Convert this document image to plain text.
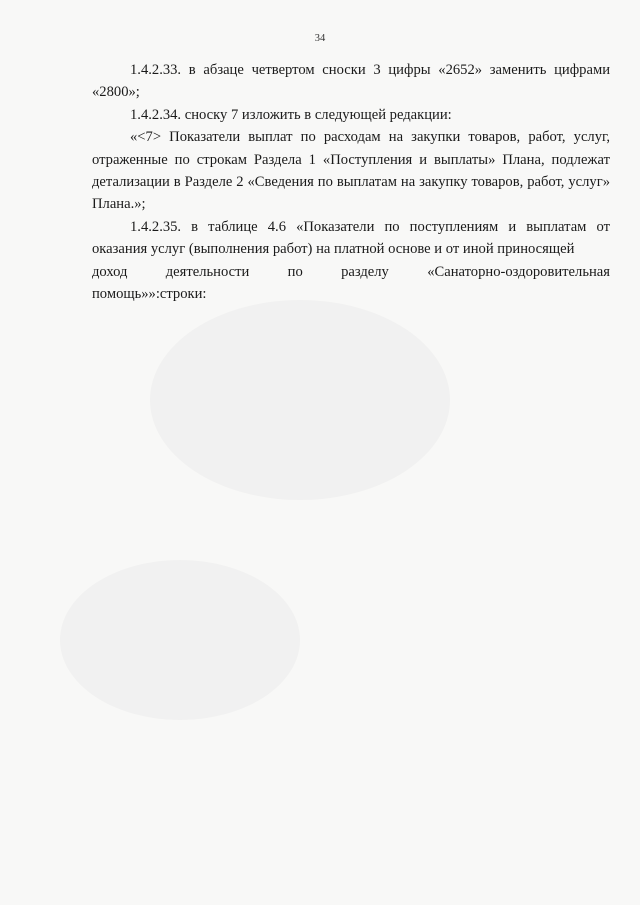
34

1.4.2.33. в абзаце четвертом сноски 3 цифры «2652» заменить цифрами «2800»;

1.4.2.34. сноску 7 изложить в следующей редакции:

«<7> Показатели выплат по расходам на закупки товаров, работ, услуг, отраженные по строкам Раздела 1 «Поступления и выплаты» Плана, подлежат детализации в Разделе 2 «Сведения по выплатам на закупку товаров, работ, услуг» Плана.»;

1.4.2.35. в таблице 4.6 «Показатели по поступлениям и выплатам от оказания услуг (выполнения работ) на платной основе и от иной приносящей

доход	деятельности	по	разделу	«Санаторно-оздоровительная

помощь»»:строки:
